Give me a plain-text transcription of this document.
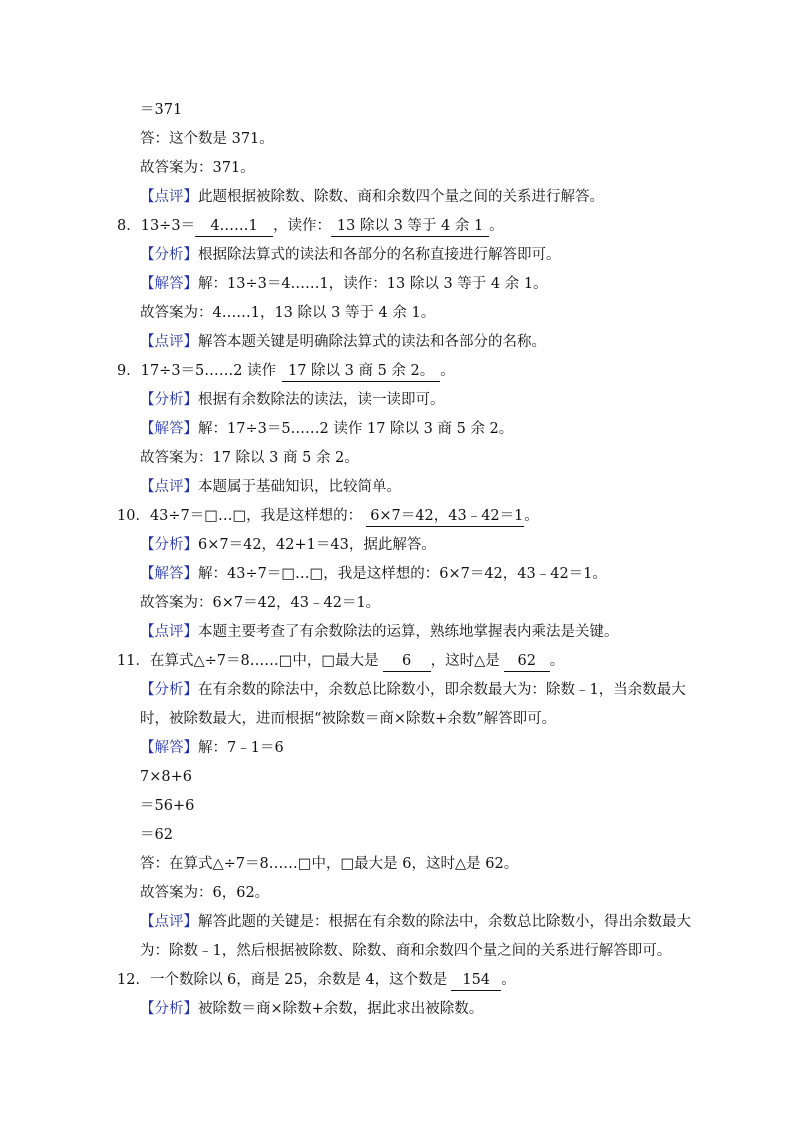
＝371
答：这个数是 371。
故答案为：371。
【点评】此题根据被除数、除数、商和余数四个量之间的关系进行解答。
8．13÷3＝ 4……1 ，读作： 13 除以 3 等于 4 余 1 。
【分析】根据除法算式的读法和各部分的名称直接进行解答即可。
【解答】解：13÷3＝4……1，读作：13 除以 3 等于 4 余 1。
故答案为：4……1，13 除以 3 等于 4 余 1。
【点评】解答本题关键是明确除法算式的读法和各部分的名称。
9．17÷3＝5……2 读作 17 除以 3 商 5 余 2。 。
【分析】根据有余数除法的读法，读一读即可。
【解答】解：17÷3＝5……2 读作 17 除以 3 商 5 余 2。
故答案为：17 除以 3 商 5 余 2。
【点评】本题属于基础知识，比较简单。
10．43÷7＝□…□，我是这样想的： 6×7＝42，43﹣42＝1。
【分析】6×7＝42，42+1＝43，据此解答。
【解答】解：43÷7＝□…□，我是这样想的：6×7＝42，43﹣42＝1。
故答案为：6×7＝42，43﹣42＝1。
【点评】本题主要考查了有余数除法的运算，熟练地掌握表内乘法是关键。
11．在算式△÷7＝8……□中，□最大是 6 ，这时△是 62 。
【分析】在有余数的除法中，余数总比除数小，即余数最大为：除数﹣1，当余数最大
时，被除数最大，进而根据“被除数＝商×除数+余数”解答即可。
【解答】解：7﹣1＝6
7×8+6
＝56+6
＝62
答：在算式△÷7＝8……□中，□最大是 6，这时△是 62。
故答案为：6，62。
【点评】解答此题的关键是：根据在有余数的除法中，余数总比除数小，得出余数最大
为：除数﹣1，然后根据被除数、除数、商和余数四个量之间的关系进行解答即可。
12．一个数除以 6，商是 25，余数是 4，这个数是 154 。
【分析】被除数＝商×除数+余数，据此求出被除数。
